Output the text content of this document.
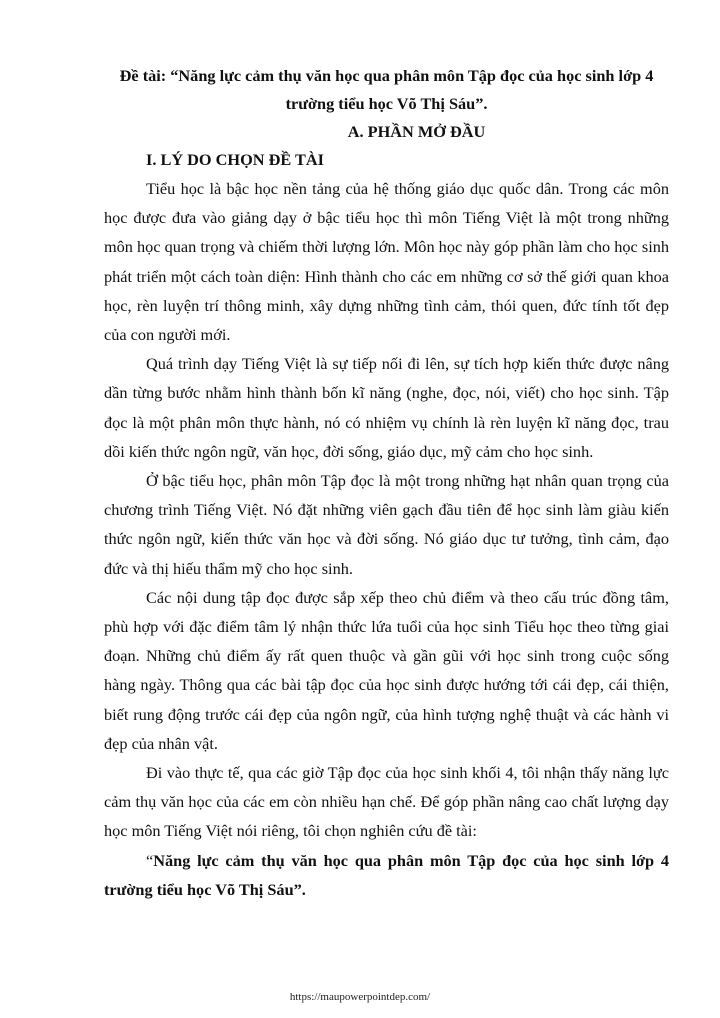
Đề tài: “Năng lực cảm thụ văn học qua phân môn Tập đọc của học sinh lớp 4

trường tiểu học Võ Thị Sáu”.

A. PHẦN MỞ ĐẦU

I. LÝ DO CHỌN ĐỀ TÀI

Tiểu học là bậc học nền tảng của hệ thống giáo dục quốc dân. Trong các môn học được đưa vào giảng dạy ở bậc tiểu học thì môn Tiếng Việt là một trong những môn học quan trọng và chiếm thời lượng lớn. Môn học này góp phần làm cho học sinh phát triển một cách toàn diện: Hình thành cho các em những cơ sở thế giới quan khoa học, rèn luyện trí thông minh, xây dựng những tình cảm, thói quen, đức tính tốt đẹp của con người mới.

Quá trình dạy Tiếng Việt là sự tiếp nối đi lên, sự tích hợp kiến thức được nâng dần từng bước nhằm hình thành bốn kĩ năng (nghe, đọc, nói, viết) cho học sinh. Tập đọc là một phân môn thực hành, nó có nhiệm vụ chính là rèn luyện kĩ năng đọc, trau dồi kiến thức ngôn ngữ, văn học, đời sống, giáo dục, mỹ cảm cho học sinh.

Ở bậc tiểu học, phân môn Tập đọc là một trong những hạt nhân quan trọng của chương trình Tiếng Việt. Nó đặt những viên gạch đầu tiên để học sinh làm giàu kiến thức ngôn ngữ, kiến thức văn học và đời sống. Nó giáo dục tư tưởng, tình cảm, đạo đức và thị hiếu thẩm mỹ cho học sinh.

Các nội dung tập đọc được sắp xếp theo chủ điểm và theo cấu trúc đồng tâm, phù hợp với đặc điểm tâm lý nhận thức lứa tuổi của học sinh Tiểu học theo từng giai đoạn. Những chủ điểm ấy rất quen thuộc và gần gũi với học sinh trong cuộc sống hàng ngày. Thông qua các bài tập đọc của học sinh được hướng tới cái đẹp, cái thiện, biết rung động trước cái đẹp của ngôn ngữ, của hình tượng nghệ thuật và các hành vi đẹp của nhân vật.

Đi vào thực tế, qua các giờ Tập đọc của học sinh khối 4, tôi nhận thấy năng lực cảm thụ văn học của các em còn nhiều hạn chế. Để góp phần nâng cao chất lượng dạy học môn Tiếng Việt nói riêng, tôi chọn nghiên cứu đề tài:

“Năng lực cảm thụ văn học qua phân môn Tập đọc của học sinh lớp 4 trường tiểu học Võ Thị Sáu”.

https://maupowerpointdep.com/
